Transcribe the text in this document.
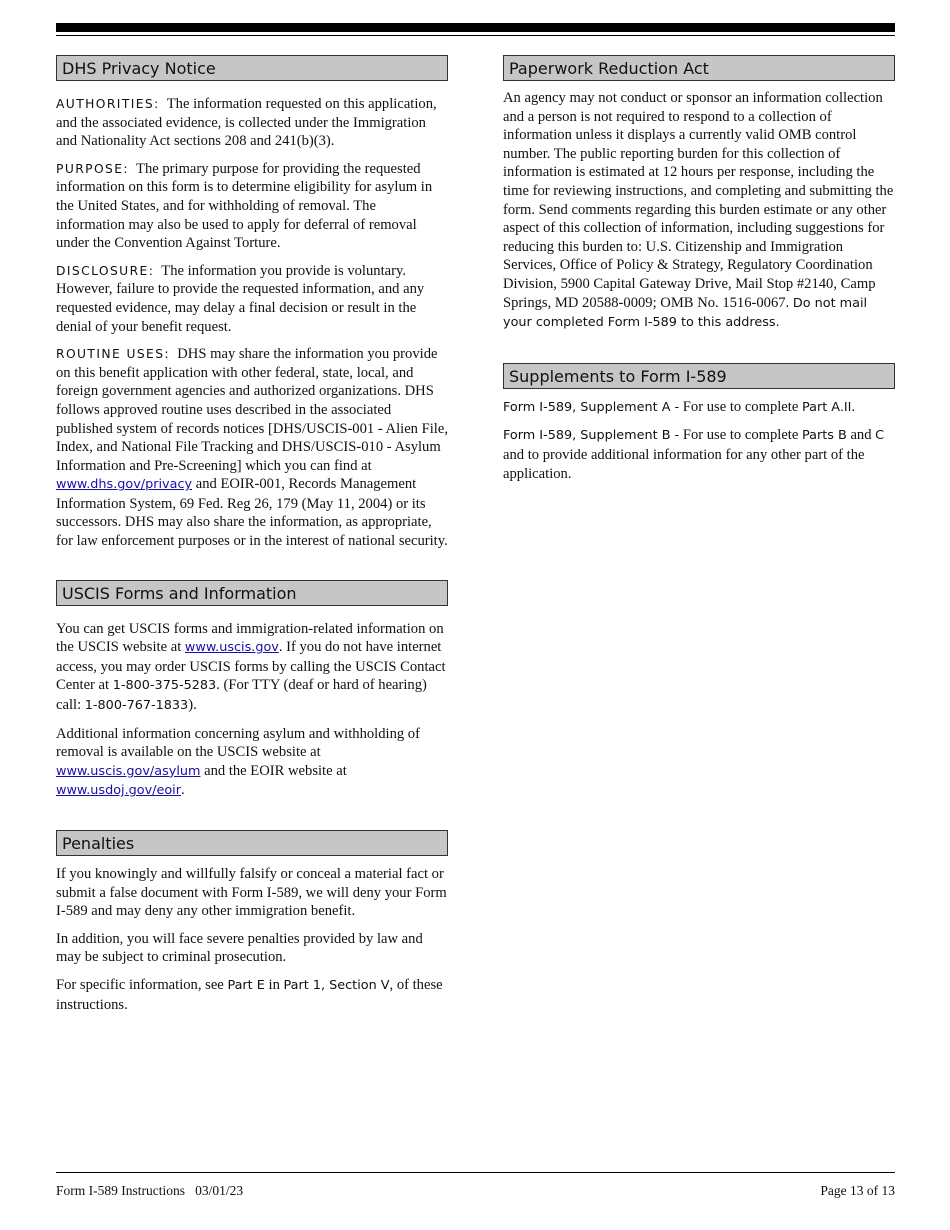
DHS Privacy Notice

AUTHORITIES: The information requested on this application, and the associated evidence, is collected under the Immigration and Nationality Act sections 208 and 241(b)(3).

PURPOSE: The primary purpose for providing the requested information on this form is to determine eligibility for asylum in the United States, and for withholding of removal. The information may also be used to apply for deferral of removal under the Convention Against Torture.

DISCLOSURE: The information you provide is voluntary. However, failure to provide the requested information, and any requested evidence, may delay a final decision or result in the denial of your benefit request.

ROUTINE USES: DHS may share the information you provide on this benefit application with other federal, state, local, and foreign government agencies and authorized organizations. DHS follows approved routine uses described in the associated published system of records notices [DHS/USCIS-001 - Alien File, Index, and National File Tracking and DHS/USCIS-010 - Asylum Information and Pre-Screening] which you can find at www.dhs.gov/privacy and EOIR-001, Records Management Information System, 69 Fed. Reg 26, 179 (May 11, 2004) or its successors. DHS may also share the information, as appropriate, for law enforcement purposes or in the interest of national security.

USCIS Forms and Information

You can get USCIS forms and immigration-related information on the USCIS website at www.uscis.gov. If you do not have internet access, you may order USCIS forms by calling the USCIS Contact Center at 1-800-375-5283. (For TTY (deaf or hard of hearing) call: 1-800-767-1833).

Additional information concerning asylum and withholding of removal is available on the USCIS website at www.uscis.gov/asylum and the EOIR website at www.usdoj.gov/eoir.

Penalties

If you knowingly and willfully falsify or conceal a material fact or submit a false document with Form I-589, we will deny your Form I-589 and may deny any other immigration benefit.

In addition, you will face severe penalties provided by law and may be subject to criminal prosecution.

For specific information, see Part E in Part 1, Section V, of these instructions.

Paperwork Reduction Act

An agency may not conduct or sponsor an information collection and a person is not required to respond to a collection of information unless it displays a currently valid OMB control number. The public reporting burden for this collection of information is estimated at 12 hours per response, including the time for reviewing instructions, and completing and submitting the form. Send comments regarding this burden estimate or any other aspect of this collection of information, including suggestions for reducing this burden to: U.S. Citizenship and Immigration Services, Office of Policy & Strategy, Regulatory Coordination Division, 5900 Capital Gateway Drive, Mail Stop #2140, Camp Springs, MD 20588-0009; OMB No. 1516-0067. Do not mail your completed Form I-589 to this address.

Supplements to Form I-589

Form I-589, Supplement A - For use to complete Part A.II.

Form I-589, Supplement B - For use to complete Parts B and C and to provide additional information for any other part of the application.

Form I-589 Instructions   03/01/23	Page 13 of 13
